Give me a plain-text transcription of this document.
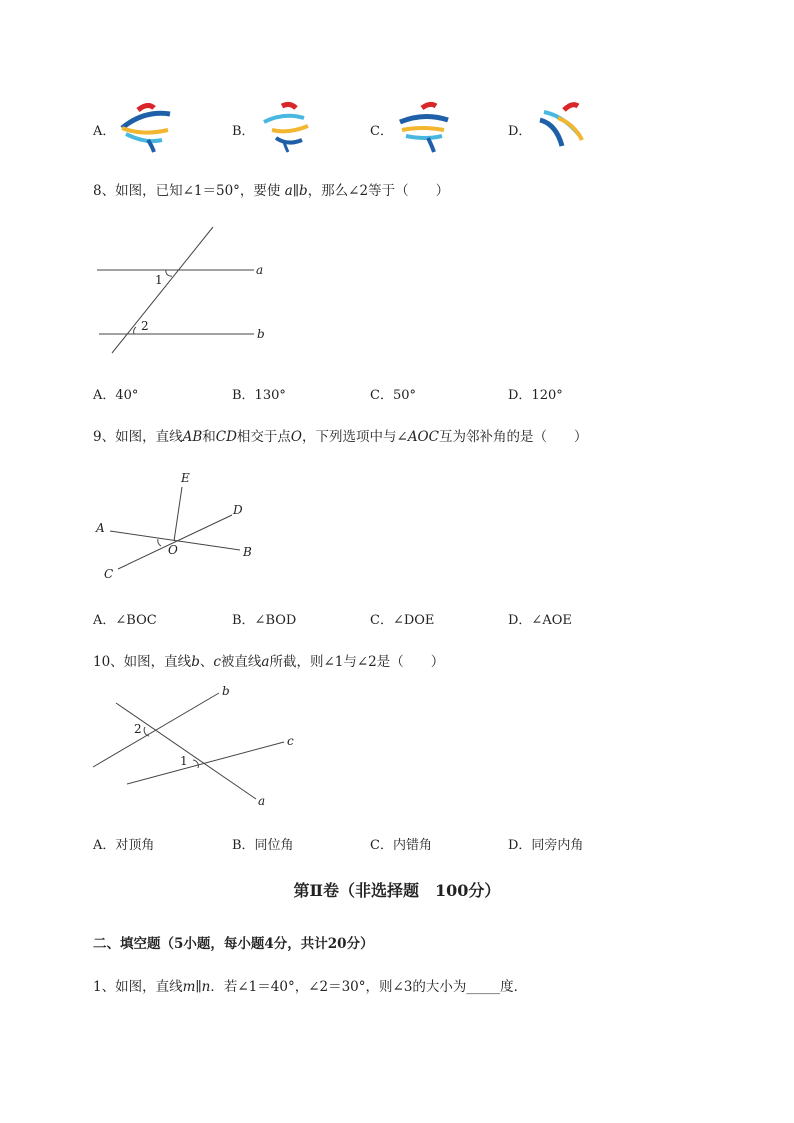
A．	B．	C．	D．
8、如图，已知∠1＝50°，要使 a∥b，那么∠2等于（　　）
a
b
1
2
A．40°	B．130°	C．50°	D．120°
9、如图，直线AB和CD相交于点O，下列选项中与∠AOC互为邻补角的是（　　）
E
D
A
O	B
C
A．∠BOC	B．∠BOD	C．∠DOE	D．∠AOE
10、如图，直线b、c被直线a所截，则∠1与∠2是（　　）
b
c
a
1
2
A．对顶角	B．同位角	C．内错角	D．同旁内角
第Ⅱ卷（非选择题　100分）
二、填空题（5小题，每小题4分，共计20分）
1、如图，直线m∥n．若∠1＝40°，∠2＝30°，则∠3的大小为_____度．
